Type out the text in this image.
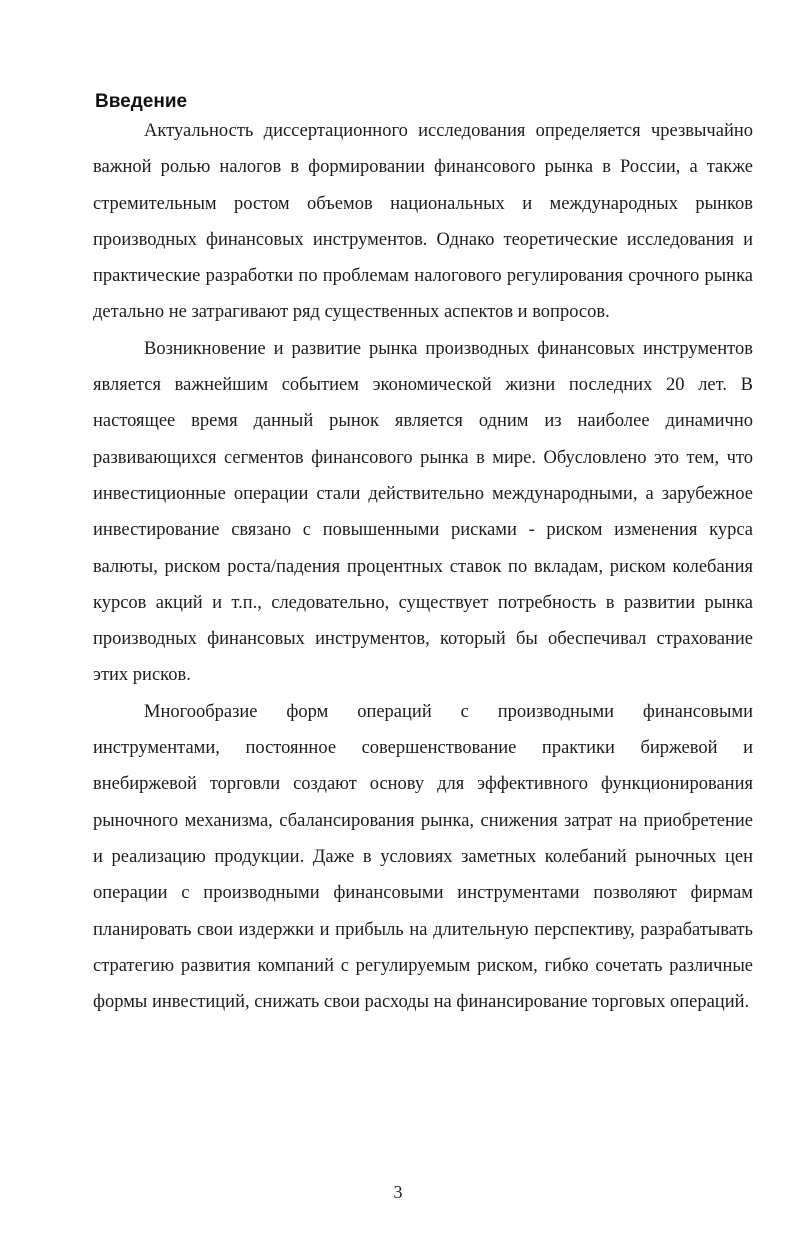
Введение

Актуальность диссертационного исследования определяется чрезвычайно важной ролью налогов в формировании финансового рынка в России, а также стремительным ростом объемов национальных и международных рынков производных финансовых инструментов. Однако теоретические исследования и практические разработки по проблемам налогового регулирования срочного рынка детально не затрагивают ряд существенных аспектов и вопросов.

Возникновение и развитие рынка производных финансовых инструментов является важнейшим событием экономической жизни последних 20 лет. В настоящее время данный рынок является одним из наиболее динамично развивающихся сегментов финансового рынка в мире. Обусловлено это тем, что инвестиционные операции стали действительно международными, а зарубежное инвестирование связано с повышенными рисками - риском изменения курса валюты, риском роста/падения процентных ставок по вкладам, риском колебания курсов акций и т.п., следовательно, существует потребность в развитии рынка производных финансовых инструментов, который бы обеспечивал страхование этих рисков.

Многообразие форм операций с производными финансовыми инструментами, постоянное совершенствование практики биржевой и внебиржевой торговли создают основу для эффективного функционирования рыночного механизма, сбалансирования рынка, снижения затрат на приобретение и реализацию продукции. Даже в условиях заметных колебаний рыночных цен операции с производными финансовыми инструментами позволяют фирмам планировать свои издержки и прибыль на длительную перспективу, разрабатывать стратегию развития компаний с регулируемым риском, гибко сочетать различные формы инвестиций, снижать свои расходы на финансирование торговых операций.

3
